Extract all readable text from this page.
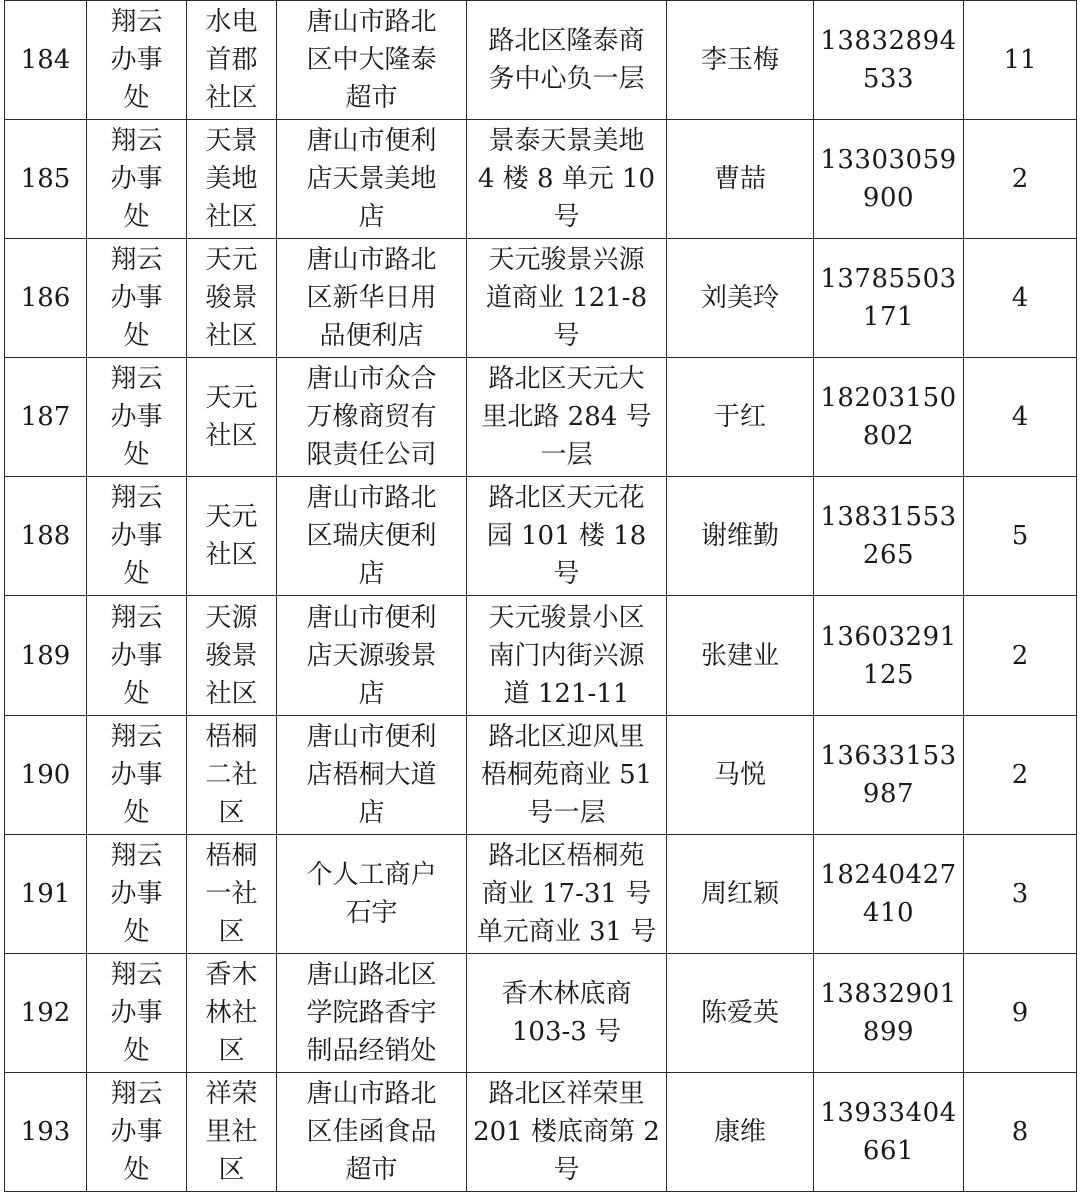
184	翔云
办事
处	水电
首郡
社区	唐山市路北
区中大隆泰
超市	路北区隆泰商
务中心负一层	李玉梅	13832894
533	11
185	翔云
办事
处	天景
美地
社区	唐山市便利
店天景美地
店	景泰天景美地
4 楼 8 单元 10
号	曹喆	13303059
900	2
186	翔云
办事
处	天元
骏景
社区	唐山市路北
区新华日用
品便利店	天元骏景兴源
道商业 121-8
号	刘美玲	13785503
171	4
187	翔云
办事
处	天元
社区	唐山市众合
万橡商贸有
限责任公司	路北区天元大
里北路 284 号
一层	于红	18203150
802	4
188	翔云
办事
处	天元
社区	唐山市路北
区瑞庆便利
店	路北区天元花
园 101 楼 18 号	谢维勤	13831553
265	5
189	翔云
办事
处	天源
骏景
社区	唐山市便利
店天源骏景
店	天元骏景小区
南门内街兴源
道 121-11	张建业	13603291
125	2
190	翔云
办事
处	梧桐
二社
区	唐山市便利
店梧桐大道
店	路北区迎风里
梧桐苑商业 51
号一层	马悦	13633153
987	2
191	翔云
办事
处	梧桐
一社
区	个人工商户
石宇	路北区梧桐苑
商业 17-31 号
单元商业 31 号	周红颖	18240427
410	3
192	翔云
办事
处	香木
林社
区	唐山路北区
学院路香宇
制品经销处	香木林底商
103-3 号	陈爱英	13832901
899	9
193	翔云
办事
处	祥荣
里社
区	唐山市路北
区佳函食品
超市	路北区祥荣里
201 楼底商第 2
号	康维	13933404
661	8
